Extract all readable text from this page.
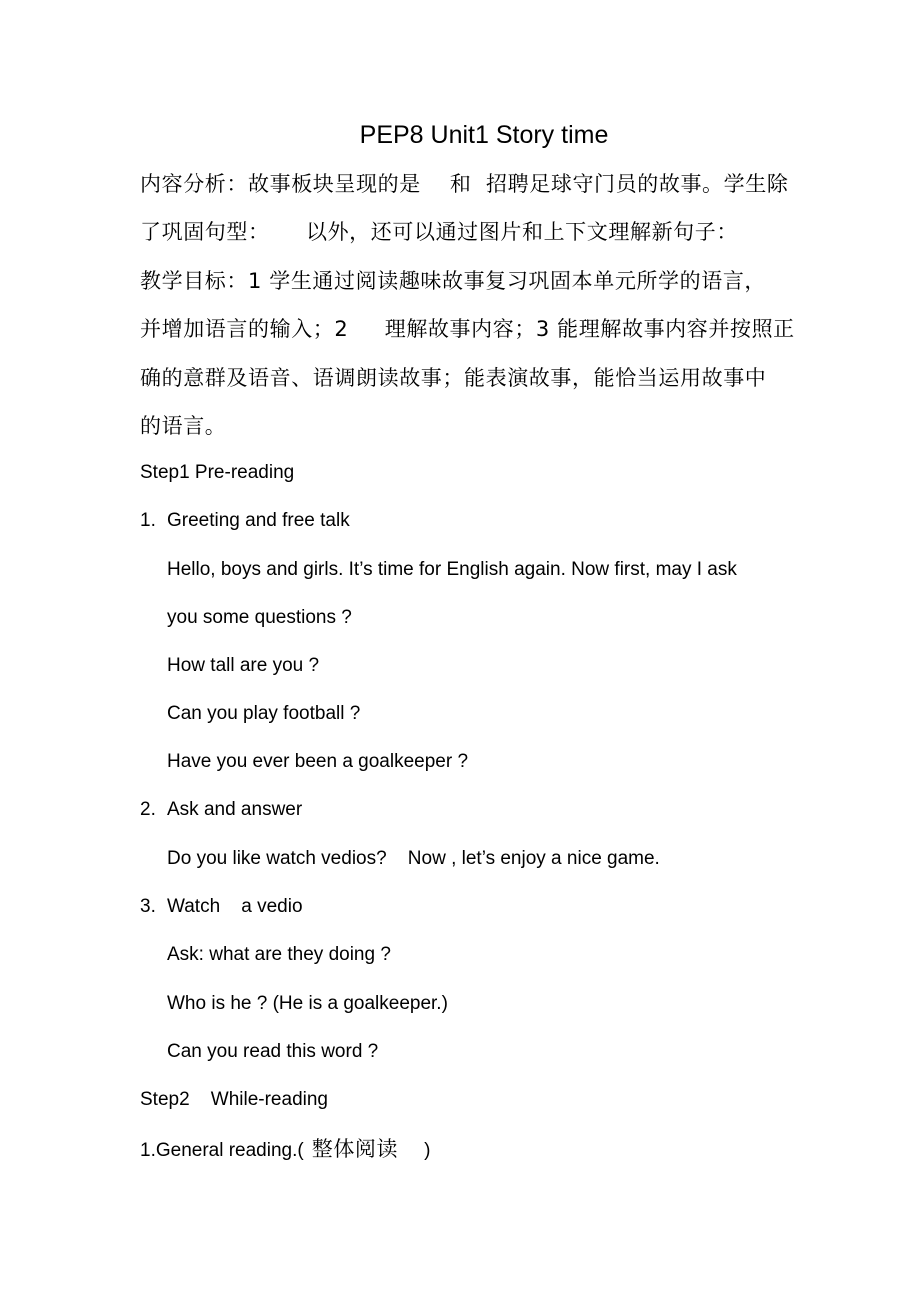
PEP8 Unit1 Story time
内容分析：故事板块呈现的是    和  招聘足球守门员的故事。学生除
了巩固句型：     以外，还可以通过图片和上下文理解新句子：
教学目标：1 学生通过阅读趣味故事复习巩固本单元所学的语言，
并增加语言的输入；2     理解故事内容；3 能理解故事内容并按照正
确的意群及语音、语调朗读故事；能表演故事，能恰当运用故事中
的语言。
Step1 Pre-reading
1. Greeting and free talk
Hello, boys and girls. It’s time for English again. Now first, may I ask
you some questions ?
How tall are you ?
Can you play football ?
Have you ever been a goalkeeper ?
2. Ask and answer
Do you like watch vedios?    Now , let’s enjoy a nice game.
3. Watch    a vedio
Ask: what are they doing ?
Who is he ? (He is a goalkeeper.)
Can you read this word ?
Step2    While-reading
1.General reading.( 整体阅读 )
